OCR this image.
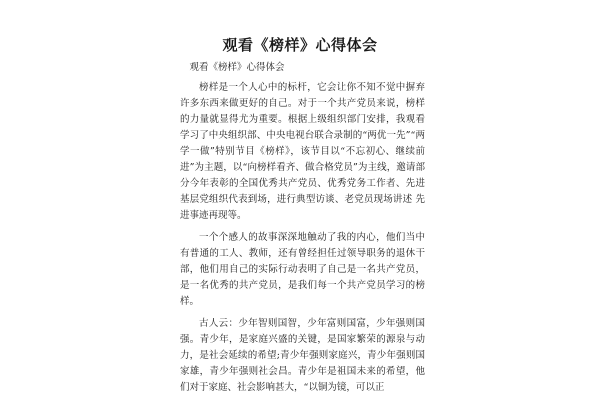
观看《榜样》心得体会

观看《榜样》心得体会

榜样是一个人心中的标杆，它会让你不知不觉中摒弃许多东西来做更好的自己。对于一个共产党员来说，榜样的力量就显得尤为重要。根据上级组织部门安排，我观看学习了中央组织部、中央电视台联合录制的“两优一先”“两学一做”特别节目《榜样》，该节目以“不忘初心、继续前进”为主题，以“向榜样看齐、做合格党员”为主线，邀请部分今年表彰的全国优秀共产党员、优秀党务工作者、先进基层党组织代表到场，进行典型访谈、老党员现场讲述 先进事迹再现等。

一个个感人的故事深深地触动了我的内心，他们当中有普通的工人、教师，还有曾经担任过领导职务的退休干部，他们用自己的实际行动表明了自己是一名共产党员，是一名优秀的共产党员，是我们每一个共产党员学习的榜样。

古人云：少年智则国智，少年富则国富，少年强则国强。青少年，是家庭兴盛的关键，是国家繁荣的源泉与动力，是社会延续的希望;青少年强则家庭兴，青少年强则国家雄，青少年强则社会昌。青少年是祖国未来的希望，他们对于家庭、社会影响甚大，“以铜为镜，可以正
